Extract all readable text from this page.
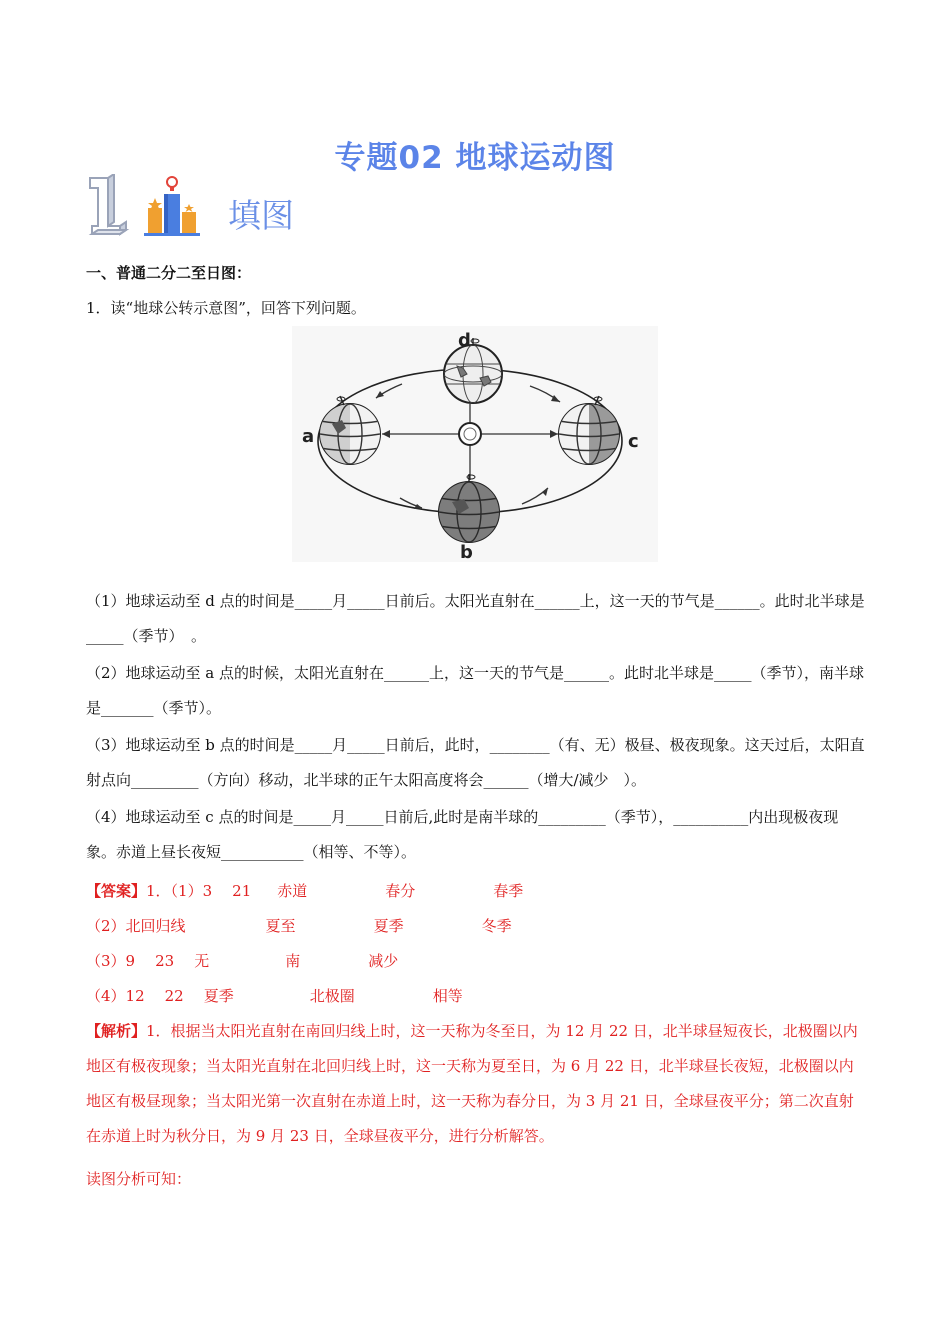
专题02 地球运动图
填图
一、普通二分二至日图：
1．读“地球公转示意图”，回答下列问题。
d
a	c
b
（1）地球运动至 d 点的时间是_____月_____日前后。太阳光直射在______上，这一天的节气是______。此时北半球是_____（季节）　。
（2）地球运动至 a 点的时候，太阳光直射在______上，这一天的节气是______。此时北半球是_____（季节），南半球是_______（季节）。
（3）地球运动至 b 点的时间是_____月_____日前后，此时，________（有、无）极昼、极夜现象。这天过后，太阳直射点向_________（方向）移动，北半球的正午太阳高度将会______（增大/减少　）。
（4）地球运动至 c 点的时间是_____月_____日前后,此时是南半球的_________（季节），__________内出现极夜现象。赤道上昼长夜短___________（相等、不等）。
【答案】1．（1）3 21 赤道	春分	春季
（2）北回归线	夏至	夏季	冬季
（3）9 23 无	南	减少
（4）12 22 夏季	北极圈	相等
【解析】1．根据当太阳光直射在南回归线上时，这一天称为冬至日，为 12 月 22 日，北半球昼短夜长，北极圈以内地区有极夜现象；当太阳光直射在北回归线上时，这一天称为夏至日，为 6 月 22 日，北半球昼长夜短，北极圈以内地区有极昼现象；当太阳光第一次直射在赤道上时，这一天称为春分日，为 3 月 21 日，全球昼夜平分；第二次直射在赤道上时为秋分日，为 9 月 23 日，全球昼夜平分，进行分析解答。
读图分析可知：
